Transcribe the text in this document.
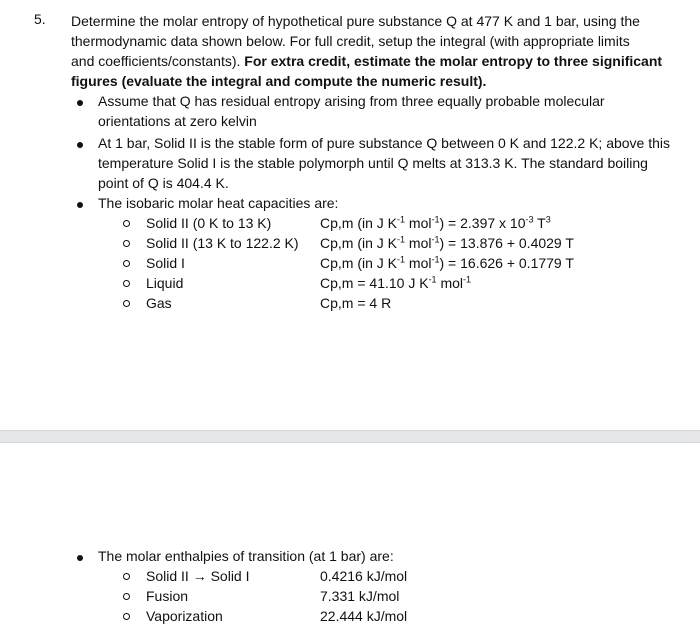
5. Determine the molar entropy of hypothetical pure substance Q at 477 K and 1 bar, using the
thermodynamic data shown below. For full credit, setup the integral (with appropriate limits
and coefficients/constants). For extra credit, estimate the molar entropy to three significant
figures (evaluate the integral and compute the numeric result).
Assume that Q has residual entropy arising from three equally probable molecular
orientations at zero kelvin
At 1 bar, Solid II is the stable form of pure substance Q between 0 K and 122.2 K; above this
temperature Solid I is the stable polymorph until Q melts at 313.3 K. The standard boiling
point of Q is 404.4 K.
The isobaric molar heat capacities are:
Solid II (0 K to 13 K)	Cp,m (in J $K^{-1}$ mol$^{-1}$) = 2.397 x $10^{-3}$ $T^3$
Solid II (13 K to 122.2 K) Cp,m (in J $K^{-1}$ mol$^{-1}$) = 13.876 + 0.4029 T
Solid I	Cp,m (in J $K^{-1}$ mol$^{-1}$) = 16.626 + 0.1779 T
Liquid	Cp,m = 41.10 J $K^{-1}$ mol$^{-1}$
Gas	Cp,m = 4 R
The molar enthalpies of transition (at 1 bar) are:
Solid II → Solid I	0.4216 kJ/mol
Fusion	7.331 kJ/mol
Vaporization	22.444 kJ/mol
